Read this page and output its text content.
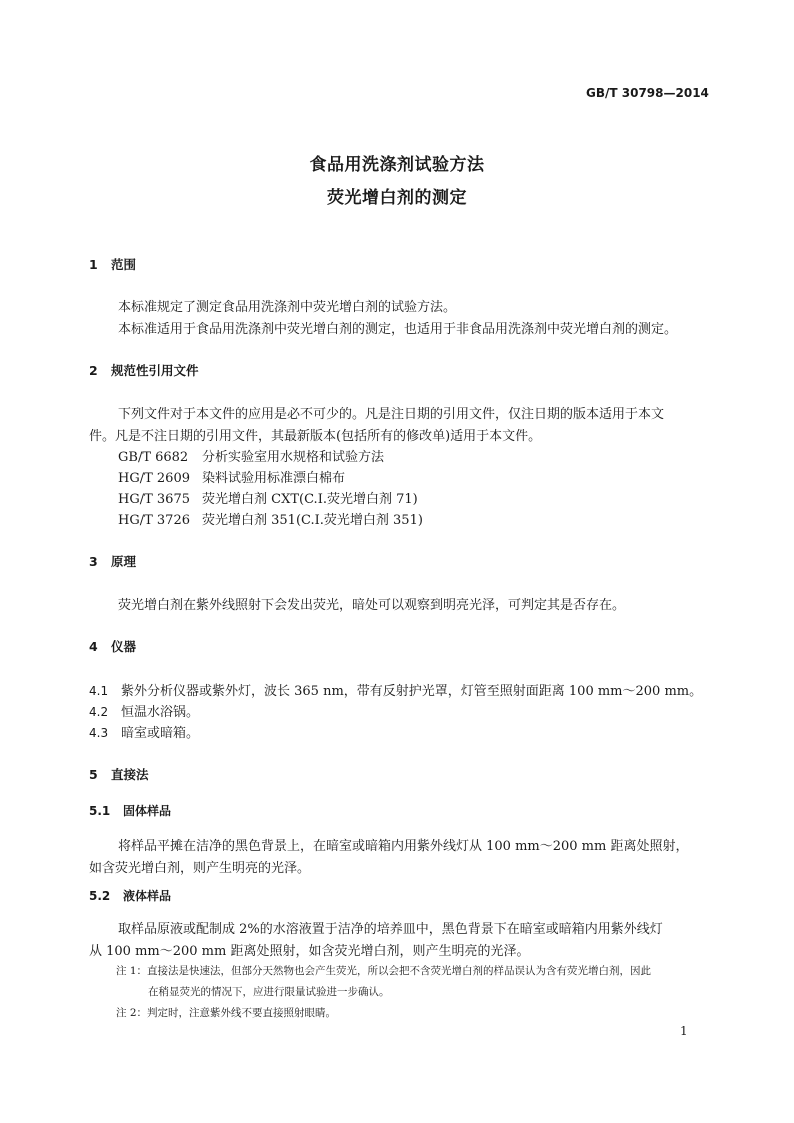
GB/T 30798—2014
食品用洗涤剂试验方法
荧光增白剂的测定
1 范围
本标准规定了测定食品用洗涤剂中荧光增白剂的试验方法。
本标准适用于食品用洗涤剂中荧光增白剂的测定，也适用于非食品用洗涤剂中荧光增白剂的测定。
2 规范性引用文件
下列文件对于本文件的应用是必不可少的。凡是注日期的引用文件，仅注日期的版本适用于本文
件。凡是不注日期的引用文件，其最新版本(包括所有的修改单)适用于本文件。
GB/T 6682 分析实验室用水规格和试验方法
HG/T 2609 染料试验用标准漂白棉布
HG/T 3675 荧光增白剂 CXT(C.I.荧光增白剂 71)
HG/T 3726 荧光增白剂 351(C.I.荧光增白剂 351)
3 原理
荧光增白剂在紫外线照射下会发出荧光，暗处可以观察到明亮光泽，可判定其是否存在。
4 仪器
4.1 紫外分析仪器或紫外灯，波长 365 nm，带有反射护光罩，灯管至照射面距离 100 mm～200 mm。
4.2 恒温水浴锅。
4.3 暗室或暗箱。
5 直接法
5.1 固体样品
将样品平摊在洁净的黑色背景上，在暗室或暗箱内用紫外线灯从 100 mm～200 mm 距离处照射，
如含荧光增白剂，则产生明亮的光泽。
5.2 液体样品
取样品原液或配制成 2%的水溶液置于洁净的培养皿中，黑色背景下在暗室或暗箱内用紫外线灯
从 100 mm～200 mm 距离处照射，如含荧光增白剂，则产生明亮的光泽。
注 1：直接法是快速法，但部分天然物也会产生荧光，所以会把不含荧光增白剂的样品误认为含有荧光增白剂，因此
在稍显荧光的情况下，应进行限量试验进一步确认。
注 2：判定时，注意紫外线不要直接照射眼睛。
1
